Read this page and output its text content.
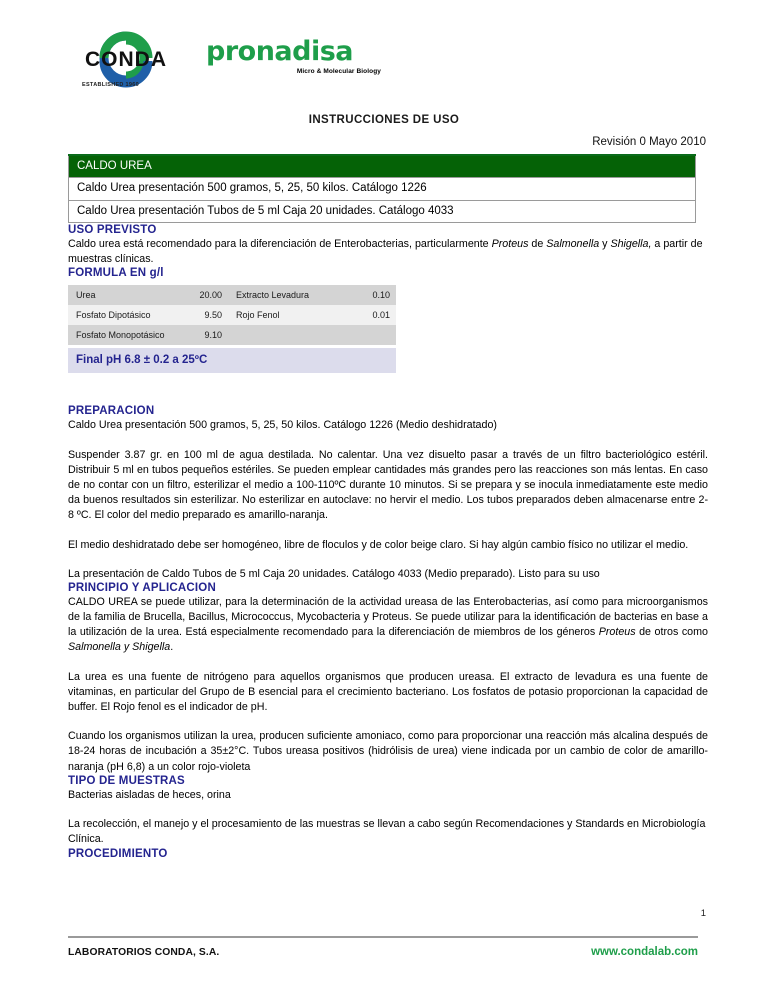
CONDA
ESTABLISHED 1960
pronadisa
Micro & Molecular Biology
INSTRUCCIONES DE USO
Revisión 0 Mayo 2010
CALDO UREA
Caldo Urea presentación 500 gramos, 5, 25, 50 kilos. Catálogo 1226
Caldo Urea presentación Tubos de 5 ml Caja 20 unidades. Catálogo 4033
USO PREVISTO

Caldo urea está recomendado para la diferenciación de Enterobacterias, particularmente Proteus de Salmonella y Shigella, a partir de muestras clínicas.

FORMULA EN g/l
Urea	20.00	Extracto Levadura	0.10
Fosfato Dipotásico	9.50	Rojo Fenol	0.01
Fosfato Monopotásico	9.10		
Final pH 6.8 ± 0.2 a 25ºC
PREPARACION

Caldo Urea presentación 500 gramos, 5, 25, 50 kilos. Catálogo 1226 (Medio deshidratado)

Suspender 3.87 gr. en 100 ml de agua destilada. No calentar. Una vez disuelto pasar a través de un filtro bacteriológico estéril. Distribuir 5 ml en tubos pequeños estériles. Se pueden emplear cantidades más grandes pero las reacciones son más lentas. En caso de no contar con un filtro, esterilizar el medio a 100-110ºC durante 10 minutos. Si se prepara y se inocula inmediatamente este medio da buenos resultados sin esterilizar. No esterilizar en autoclave: no hervir el medio. Los tubos preparados deben almacenarse entre 2-8 ºC. El color del medio preparado es amarillo-naranja.

El medio deshidratado debe ser homogéneo, libre de floculos y de color beige claro. Si hay algún cambio físico no utilizar el medio.

La presentación de Caldo Tubos de 5 ml Caja 20 unidades. Catálogo 4033 (Medio preparado). Listo para su uso

PRINCIPIO Y APLICACION

CALDO UREA se puede utilizar, para la determinación de la actividad ureasa de las Enterobacterias, así como para microorganismos de la familia de Brucella, Bacillus, Micrococcus, Mycobacteria y Proteus. Se puede utilizar para la identificación de bacterias en base a la utilización de la urea. Está especialmente recomendado para la diferenciación de miembros de los géneros Proteus de otros como Salmonella y Shigella.

La urea es una fuente de nitrógeno para aquellos organismos que producen ureasa. El extracto de levadura es una fuente de vitaminas, en particular del Grupo de B esencial para el crecimiento bacteriano. Los fosfatos de potasio proporcionan la capacidad de buffer. El Rojo fenol es el indicador de pH.

Cuando los organismos utilizan la urea, producen suficiente amoniaco, como para proporcionar una reacción más alcalina después de 18-24 horas de incubación a 35±2°C. Tubos ureasa positivos (hidrólisis de urea) viene indicada por un cambio de color de amarillo-naranja (pH 6,8) a un color rojo-violeta

TIPO DE MUESTRAS

Bacterias aisladas de heces, orina

La recolección, el manejo y el procesamiento de las muestras se llevan a cabo según Recomendaciones y Standards en Microbiología Clínica.

PROCEDIMIENTO
1
LABORATORIOS CONDA, S.A.	www.condalab.com
